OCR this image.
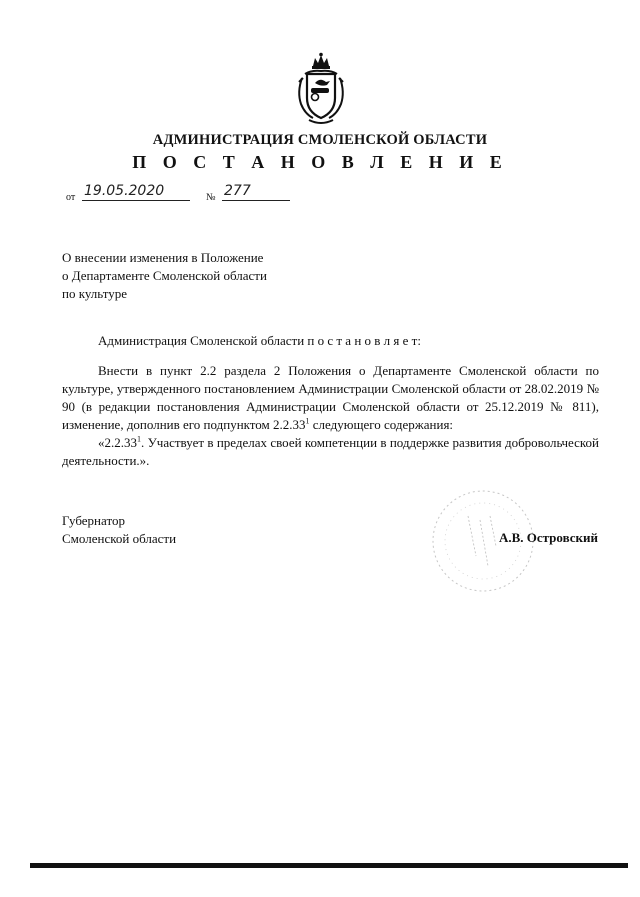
АДМИНИСТРАЦИЯ СМОЛЕНСКОЙ ОБЛАСТИ
П О С Т А Н О В Л Е Н И Е
от 19.05.2020	№ 277
О внесении изменения в Положение
о Департаменте Смоленской области
по культуре
Администрация Смоленской области п о с т а н о в л я е т:

Внести в пункт 2.2 раздела 2 Положения о Департаменте Смоленской области по культуре, утвержденного постановлением Администрации Смоленской области от 28.02.2019 № 90 (в редакции постановления Администрации Смоленской области от 25.12.2019 № 811), изменение, дополнив его подпунктом 2.2.33$^1$ следующего содержания:

«2.2.33$^1$. Участвует в пределах своей компетенции в поддержке развития добровольческой деятельности.».

Губернатор
Смоленской области	А.В. Островский
